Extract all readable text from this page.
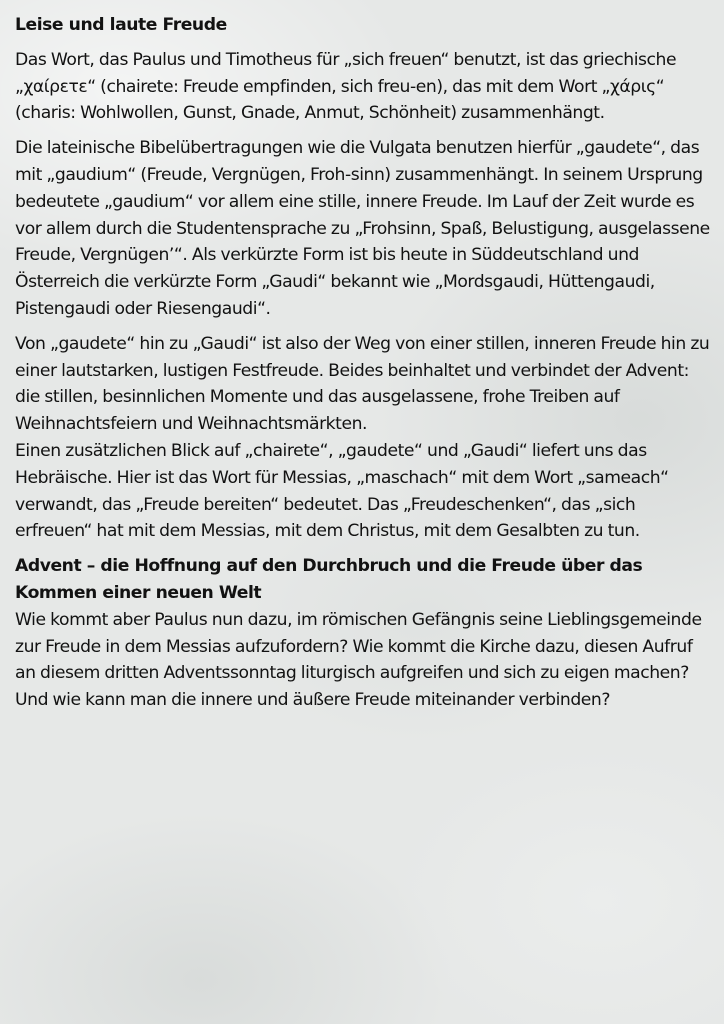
Leise und laute Freude

Das Wort, das Paulus und Timotheus für „sich freuen“ benutzt, ist das griechische „χαίρετε“ (chairete: Freude empfinden, sich freu-en), das mit dem Wort „χάρις“ (charis: Wohlwollen, Gunst, Gnade, Anmut, Schönheit) zusammenhängt.

Die lateinische Bibelübertragungen wie die Vulgata benutzen hierfür „gaudete“, das mit „gaudium“ (Freude, Vergnügen, Froh-sinn) zusammenhängt. In seinem Ursprung bedeutete „gaudium“ vor allem eine stille, innere Freude. Im Lauf der Zeit wurde es vor allem durch die Studentensprache zu „Frohsinn, Spaß, Belustigung, ausgelassene Freude, Vergnügen’“. Als verkürzte Form ist bis heute in Süddeutschland und Österreich die verkürzte Form „Gaudi“ bekannt wie „Mordsgaudi, Hüttengaudi, Pistengaudi oder Riesengaudi“.

Von „gaudete“ hin zu „Gaudi“ ist also der Weg von einer stillen, inneren Freude hin zu einer lautstarken, lustigen Festfreude. Beides beinhaltet und verbindet der Advent: die stillen, besinnlichen Momente und das ausgelassene, frohe Treiben auf Weihnachtsfeiern und Weihnachtsmärkten.

Einen zusätzlichen Blick auf „chairete“, „gaudete“ und „Gaudi“ liefert uns das Hebräische. Hier ist das Wort für Messias, „maschach“ mit dem Wort „sameach“ verwandt, das „Freude bereiten“ bedeutet. Das „Freudeschenken“, das „sich erfreuen“ hat mit dem Messias, mit dem Christus, mit dem Gesalbten zu tun.

Advent – die Hoffnung auf den Durchbruch und die Freude über das Kommen einer neuen Welt

Wie kommt aber Paulus nun dazu, im römischen Gefängnis seine Lieblingsgemeinde zur Freude in dem Messias aufzufordern? Wie kommt die Kirche dazu, diesen Aufruf an diesem dritten Adventssonntag liturgisch aufgreifen und sich zu eigen machen? Und wie kann man die innere und äußere Freude miteinander verbinden?
